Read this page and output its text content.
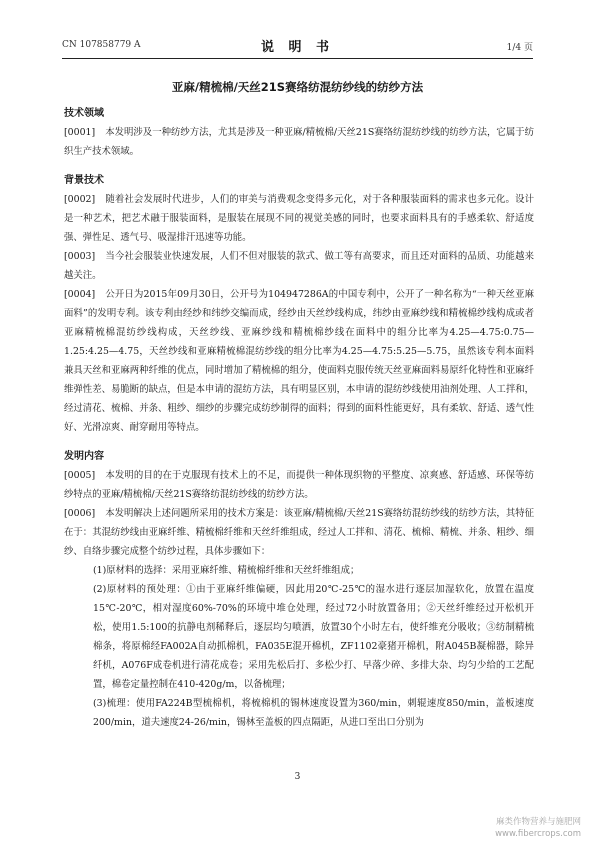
CN 107858779 A	说 明 书	1/4 页
亚麻/精梳棉/天丝21S赛络纺混纺纱线的纺纱方法
技术领域

[0001] 本发明涉及一种纺纱方法，尤其是涉及一种亚麻/精梳棉/天丝21S赛络纺混纺纱线的纺纱方法，它属于纺织生产技术领域。

背景技术

[0002] 随着社会发展时代进步，人们的审美与消费观念变得多元化，对于各种服装面料的需求也多元化。设计是一种艺术，把艺术融于服装面料，是服装在展现不同的视觉美感的同时，也要求面料具有的手感柔软、舒适度强、弹性足、透气号、吸湿排汗迅速等功能。

[0003] 当今社会服装业快速发展，人们不但对服装的款式、做工等有高要求，而且还对面料的品质、功能越来越关注。

[0004] 公开日为2015年09月30日，公开号为104947286A的中国专利中，公开了一种名称为“一种天丝亚麻面料”的发明专利。该专利由经纱和纬纱交编而成，经纱由天丝纱线构成，纬纱由亚麻纱线和精梳棉纱线构成或者亚麻精梳棉混纺纱线构成，天丝纱线、亚麻纱线和精梳棉纱线在面料中的组分比率为4.25—4.75:0.75—1.25:4.25—4.75，天丝纱线和亚麻精梳棉混纺纱线的组分比率为4.25—4.75:5.25—5.75，虽然该专利本面料兼具天丝和亚麻两种纤维的优点，同时增加了精梳棉的组分，使面料克服传统天丝亚麻面料易原纤化特性和亚麻纤维弹性差、易脆断的缺点，但是本申请的混纺方法，具有明显区别，本申请的混纺纱线使用油剂处理、人工拌和，经过清花、梳棉、并条、粗纱、细纱的步骤完成纺纱制得的面料；得到的面料性能更好，具有柔软、舒适、透气性好、光滑凉爽、耐穿耐用等特点。

发明内容

[0005] 本发明的目的在于克服现有技术上的不足，而提供一种体现织物的平整度、凉爽感、舒适感、环保等纺纱特点的亚麻/精梳棉/天丝21S赛络纺混纺纱线的纺纱方法。

[0006] 本发明解决上述问题所采用的技术方案是：该亚麻/精梳棉/天丝21S赛络纺混纺纱线的纺纱方法，其特征在于：其混纺纱线由亚麻纤维、精梳棉纤维和天丝纤维组成，经过人工拌和、清花、梳棉、精梳、并条、粗纱、细纱、自络步骤完成整个纺纱过程，具体步骤如下：

(1)原材料的选择：采用亚麻纤维、精梳棉纤维和天丝纤维组成；

(2)原材料的预处理：①由于亚麻纤维偏硬，因此用20℃-25℃的湿水进行逐层加湿软化，放置在温度15℃-20℃，相对湿度60%-70%的环境中堆仓处理，经过72小时放置备用；②天丝纤维经过开松机开松，使用1.5:100的抗静电剂稀释后，逐层均匀喷洒，放置30个小时左右，使纤维充分吸收；③纺制精梳棉条，将原棉经FA002A自动抓棉机，FA035E混开棉机，ZF1102豪猪开棉机，附A045B凝棉器，除异纤机，A076F成卷机进行清花成卷；采用先松后打、多松少打、早落少碎、多排大杂、均匀少给的工艺配置，棉卷定量控制在410-420g/m，以备梳理；

(3)梳理：使用FA224B型梳棉机，将梳棉机的锡林速度设置为360/min，刺辊速度850/min，盖板速度200/min，道夫速度24-26/min，锡林至盖板的四点隔距，从进口至出口分别为

3
麻类作物营养与施肥网
www.fibercrops.com
